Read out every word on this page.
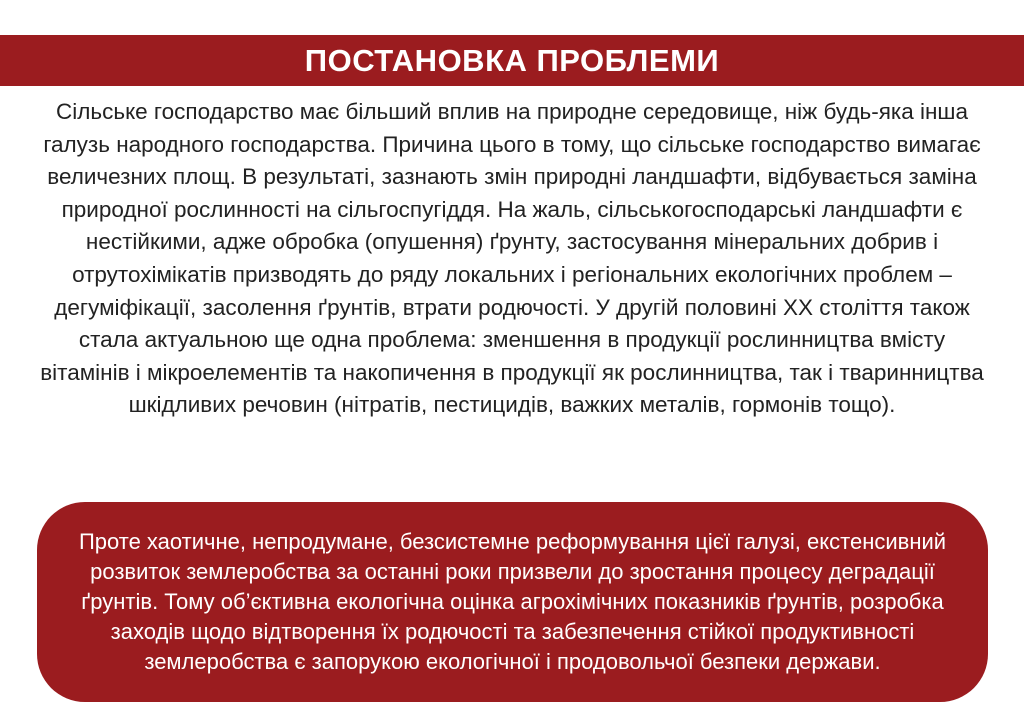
ПОСТАНОВКА ПРОБЛЕМИ

Сільське господарство має більший вплив на природне середовище, ніж будь-яка інша галузь народного господарства. Причина цього в тому, що сільське господарство вимагає величезних площ. В результаті, зазнають змін природні ландшафти, відбувається заміна природної рослинності на сільгоспугіддя. На жаль, сільськогосподарські ландшафти є нестійкими, адже обробка (опушення) ґрунту, застосування мінеральних добрив і отрутохімікатів призводять до ряду локальних і регіональних екологічних проблем – дегуміфікації, засолення ґрунтів, втрати родючості. У другій половині XX століття також стала актуальною ще одна проблема: зменшення в продукції рослинництва вмісту вітамінів і мікроелементів та накопичення в продукції як рослинництва, так і тваринництва шкідливих речовин (нітратів, пестицидів, важких металів, гормонів тощо).

Проте хаотичне, непродумане, безсистемне реформування цієї галузі, екстенсивний розвиток землеробства за останні роки призвели до зростання процесу деградації ґрунтів. Тому об’єктивна екологічна оцінка агрохімічних показників ґрунтів, розробка заходів щодо відтворення їх родючості та забезпечення стійкої продуктивності землеробства є запорукою екологічної і продовольчої безпеки держави.
